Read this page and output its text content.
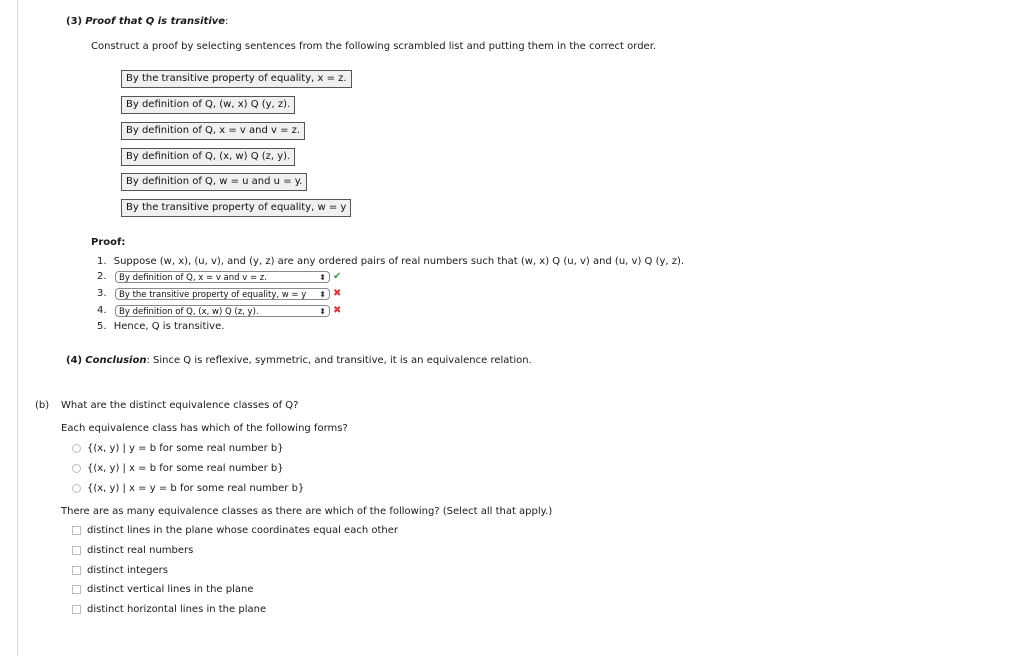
(3) Proof that Q is transitive:
Construct a proof by selecting sentences from the following scrambled list and putting them in the correct order.
By the transitive property of equality, x = z.
By definition of Q, (w, x) Q (y, z).
By definition of Q, x = v and v = z.
By definition of Q, (x, w) Q (z, y).
By definition of Q, w = u and u = y.
By the transitive property of equality, w = y
Proof:
1. Suppose (w, x), (u, v), and (y, z) are any ordered pairs of real numbers such that (w, x) Q (u, v) and (u, v) Q (y, z).
2.	By definition of Q, x = v and v = z.	⬍ ✔
3.	By the transitive property of equality, w = y ⬍ ✖
4.	By definition of Q, (x, w) Q (z, y).	⬍ ✖
5. Hence, Q is transitive.
(4) Conclusion: Since Q is reflexive, symmetric, and transitive, it is an equivalence relation.
(b) What are the distinct equivalence classes of Q?
Each equivalence class has which of the following forms?
{(x, y) | y = b for some real number b}
{(x, y) | x = b for some real number b}
{(x, y) | x = y = b for some real number b}
There are as many equivalence classes as there are which of the following? (Select all that apply.)
distinct lines in the plane whose coordinates equal each other
distinct real numbers
distinct integers
distinct vertical lines in the plane
distinct horizontal lines in the plane
